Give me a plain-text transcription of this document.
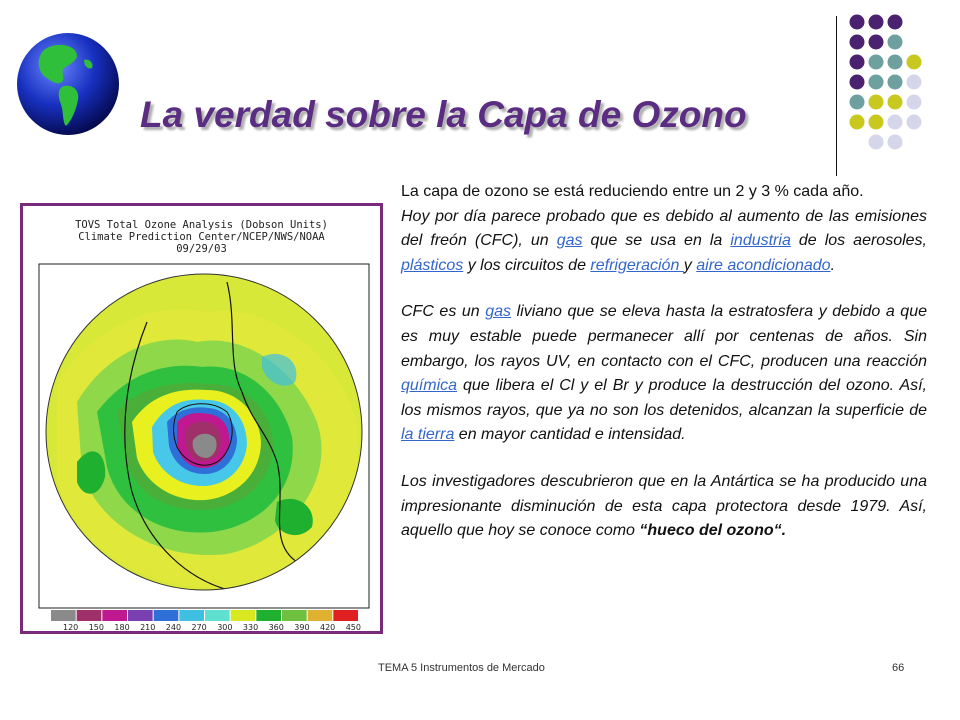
La verdad sobre la Capa de Ozono
TOVS Total Ozone Analysis (Dobson Units)
Climate Prediction Center/NCEP/NWS/NOAA
09/29/03
120 150 180 210 240 270 300 330 360 390 420 450

La capa de ozono se está reduciendo entre un 2 y 3 % cada año.

Hoy por día parece probado que es debido al aumento de las emisiones del freón (CFC), un gas que se usa en la industria de los aerosoles, plásticos y los circuitos de refrigeración y aire acondicionado.

CFC es un gas liviano que se eleva hasta la estratosfera y debido a que es muy estable puede permanecer allí por centenas de años. Sin embargo, los rayos UV, en contacto con el CFC, producen una reacción química que libera el Cl y el Br y produce la destrucción del ozono. Así, los mismos rayos, que ya no son los detenidos, alcanzan la superficie de la tierra en mayor cantidad e intensidad.

Los investigadores descubrieron que en la Antártica se ha producido una impresionante disminución de esta capa protectora desde 1979. Así, aquello que hoy se conoce como “hueco del ozono“.

TEMA 5 Instrumentos de Mercado	66
